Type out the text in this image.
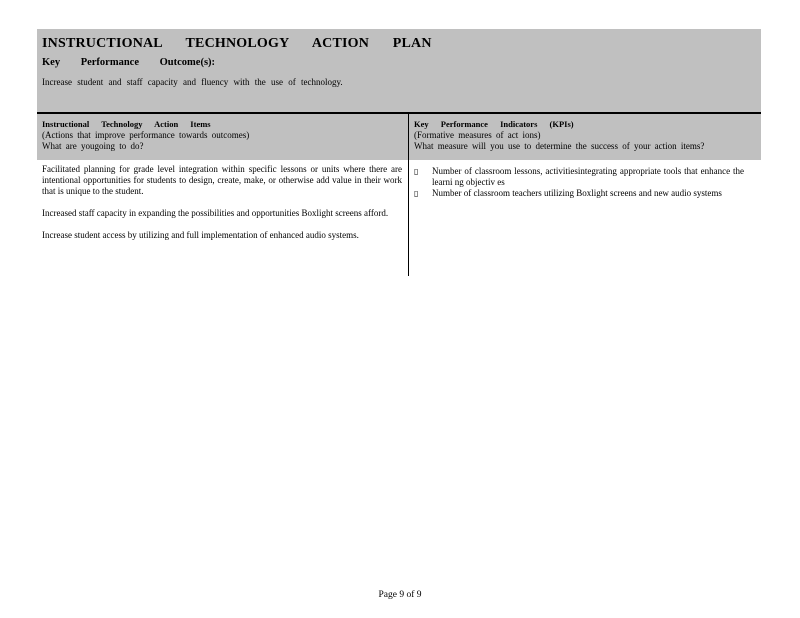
INSTRUCTIONAL TECHNOLOGY ACTION PLAN
Key Performance Outcome(s):
Increase student and staff capacity and fluency with the use of technology.
Instructional Technology Action Items
(Actions that improve performance towards outcomes)
What are yougoing to do?
Key Performance Indicators (KPIs)
(Formative measures of act ions)
What measure will you use to determine the success of your action items?

Facilitated planning for grade level integration within specific lessons or units where there are intentional opportunities for students to design, create, make, or otherwise add value in their work that is unique to the student.

Increased staff capacity in expanding the possibilities and opportunities Boxlight screens afford.

Increase student access by utilizing and full implementation of enhanced audio systems.

▯	Number of classroom lessons, activitiesintegrating appropriate tools that enhance the learni ng objectiv es
▯	Number of classroom teachers utilizing Boxlight screens and new audio systems
Page 9 of 9
